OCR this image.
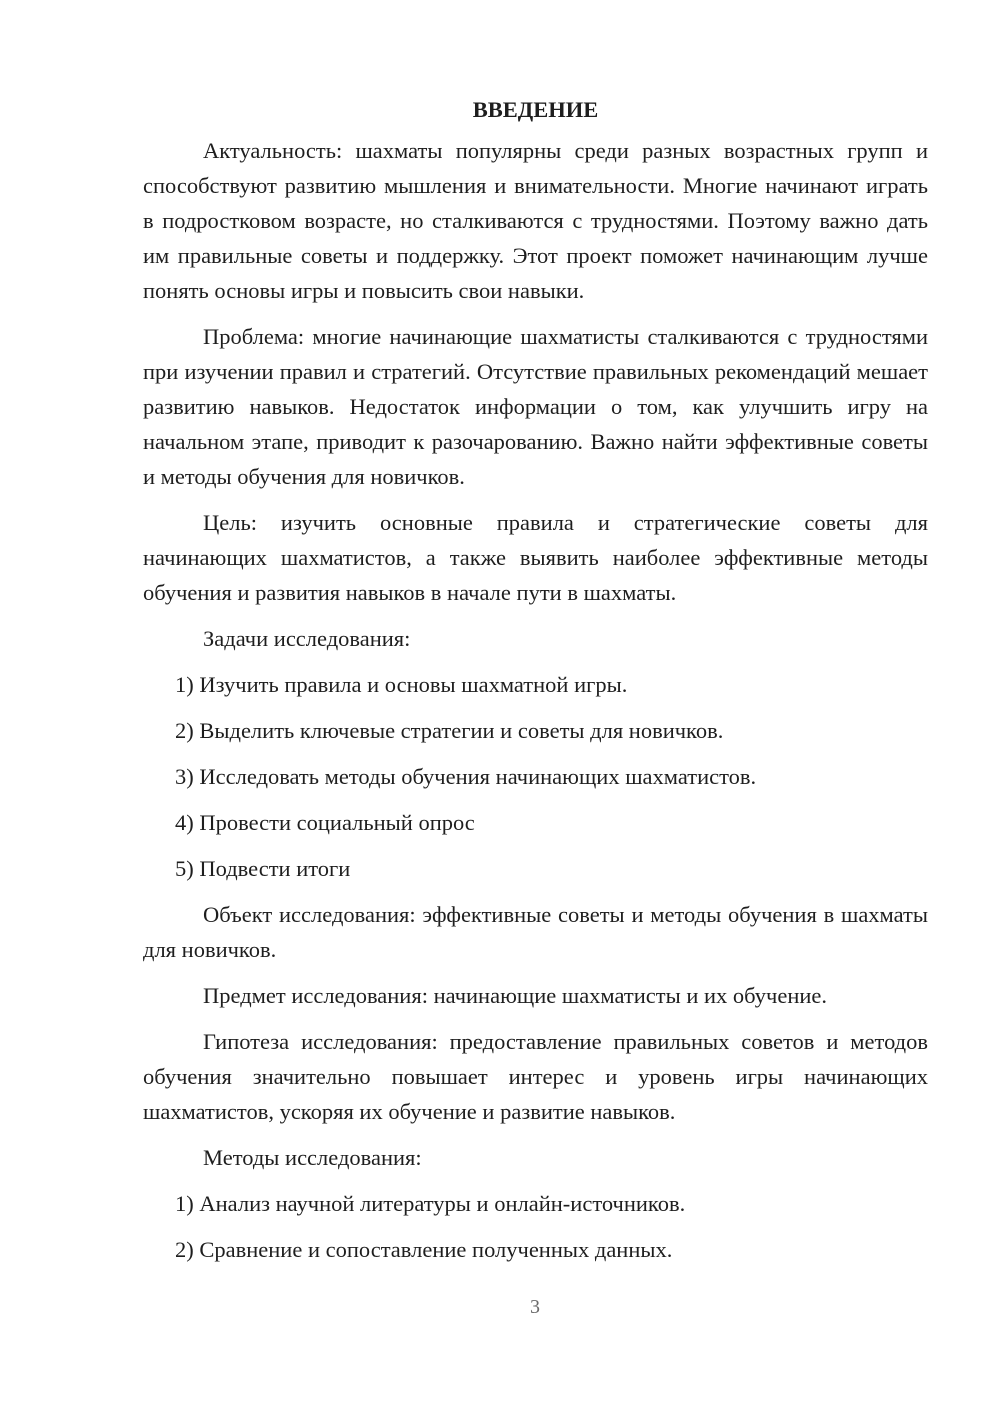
ВВЕДЕНИЕ

Актуальность: шахматы популярны среди разных возрастных групп и способствуют развитию мышления и внимательности. Многие начинают играть в подростковом возрасте, но сталкиваются с трудностями. Поэтому важно дать им правильные советы и поддержку. Этот проект поможет начинающим лучше понять основы игры и повысить свои навыки.

Проблема: многие начинающие шахматисты сталкиваются с трудностями при изучении правил и стратегий. Отсутствие правильных рекомендаций мешает развитию навыков. Недостаток информации о том, как улучшить игру на начальном этапе, приводит к разочарованию. Важно найти эффективные советы и методы обучения для новичков.

Цель: изучить основные правила и стратегические советы для начинающих шахматистов, а также выявить наиболее эффективные методы обучения и развития навыков в начале пути в шахматы.

Задачи исследования:

1) Изучить правила и основы шахматной игры.

2) Выделить ключевые стратегии и советы для новичков.

3) Исследовать методы обучения начинающих шахматистов.

4) Провести социальный опрос

5) Подвести итоги

Объект исследования: эффективные советы и методы обучения в шахматы для новичков.

Предмет исследования: начинающие шахматисты и их обучение.

Гипотеза исследования: предоставление правильных советов и методов обучения значительно повышает интерес и уровень игры начинающих шахматистов, ускоряя их обучение и развитие навыков.

Методы исследования:

1) Анализ научной литературы и онлайн-источников.

2) Сравнение и сопоставление полученных данных.

3
